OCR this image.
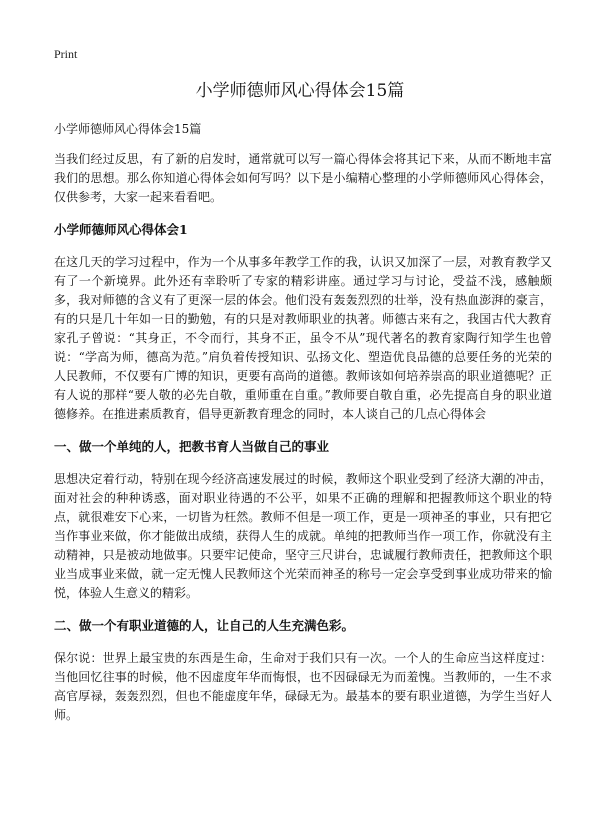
Print
小学师德师风心得体会15篇
小学师德师风心得体会15篇

当我们经过反思，有了新的启发时，通常就可以写一篇心得体会将其记下来，从而不断地丰富我们的思想。那么你知道心得体会如何写吗？以下是小编精心整理的小学师德师风心得体会，仅供参考，大家一起来看看吧。

小学师德师风心得体会1

在这几天的学习过程中，作为一个从事多年教学工作的我，认识又加深了一层，对教育教学又有了一个新境界。此外还有幸聆听了专家的精彩讲座。通过学习与讨论，受益不浅，感触颇多，我对师德的含义有了更深一层的体会。他们没有轰轰烈烈的壮举，没有热血澎湃的豪言，有的只是几十年如一日的勤勉，有的只是对教师职业的执著。师德古来有之，我国古代大教育家孔子曾说：“其身正，不令而行，其身不正，虽令不从”现代著名的教育家陶行知学生也曾说：“学高为师，德高为范。”肩负着传授知识、弘扬文化、塑造优良品德的总要任务的光荣的人民教师，不仅要有广博的知识，更要有高尚的道德。教师该如何培养崇高的职业道德呢？正有人说的那样“要人敬的必先自敬，重师重在自重。”教师要自敬自重，必先提高自身的职业道德修养。在推进素质教育，倡导更新教育理念的同时，本人谈自己的几点心得体会

一、做一个单纯的人，把教书育人当做自己的事业

思想决定着行动，特别在现今经济高速发展过的时候，教师这个职业受到了经济大潮的冲击，面对社会的种种诱惑，面对职业待遇的不公平，如果不正确的理解和把握教师这个职业的特点，就很难安下心来，一切皆为枉然。教师不但是一项工作，更是一项神圣的事业，只有把它当作事业来做，你才能做出成绩，获得人生的成就。单纯的把教师当作一项工作，你就没有主动精神，只是被动地做事。只要牢记使命，坚守三尺讲台，忠诚履行教师责任，把教师这个职业当成事业来做，就一定无愧人民教师这个光荣而神圣的称号一定会享受到事业成功带来的愉悦，体验人生意义的精彩。

二、做一个有职业道德的人，让自己的人生充满色彩。

保尔说：世界上最宝贵的东西是生命，生命对于我们只有一次。一个人的生命应当这样度过：当他回忆往事的时候，他不因虚度年华而悔恨，也不因碌碌无为而羞愧。当教师的，一生不求高官厚禄，轰轰烈烈，但也不能虚度年华，碌碌无为。最基本的要有职业道德，为学生当好人师。
